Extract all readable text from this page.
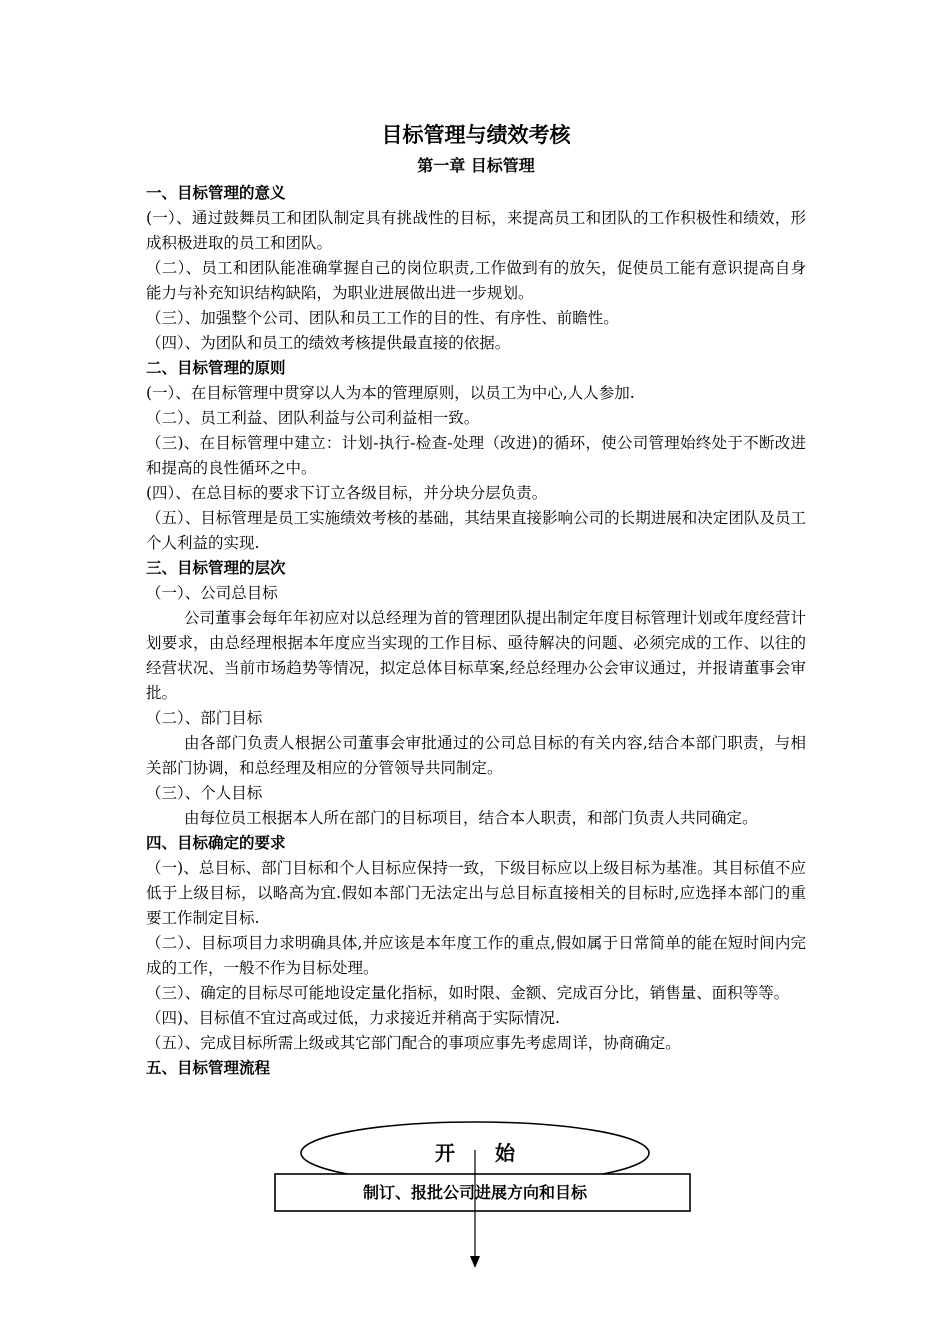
目标管理与绩效考核
第一章 目标管理
一、目标管理的意义
(一）、通过鼓舞员工和团队制定具有挑战性的目标，来提高员工和团队的工作积极性和绩效，形成积极进取的员工和团队。
（二）、员工和团队能准确掌握自己的岗位职责,工作做到有的放矢，促使员工能有意识提高自身能力与补充知识结构缺陷，为职业进展做出进一步规划。
（三）、加强整个公司、团队和员工工作的目的性、有序性、前瞻性。
（四）、为团队和员工的绩效考核提供最直接的依据。
二、目标管理的原则
(一）、在目标管理中贯穿以人为本的管理原则，以员工为中心,人人参加.
（二）、员工利益、团队利益与公司利益相一致。
（三)、在目标管理中建立：计划-执行-检查-处理（改进)的循环，使公司管理始终处于不断改进和提高的良性循环之中。
(四）、在总目标的要求下订立各级目标，并分块分层负责。
（五）、目标管理是员工实施绩效考核的基础，其结果直接影响公司的长期进展和决定团队及员工个人利益的实现.
三、目标管理的层次
（一）、公司总目标
公司董事会每年年初应对以总经理为首的管理团队提出制定年度目标管理计划或年度经营计划要求，由总经理根据本年度应当实现的工作目标、亟待解决的问题、必须完成的工作、以往的经营状况、当前市场趋势等情况，拟定总体目标草案,经总经理办公会审议通过，并报请董事会审批。
（二）、部门目标
由各部门负责人根据公司董事会审批通过的公司总目标的有关内容,结合本部门职责，与相关部门协调，和总经理及相应的分管领导共同制定。
（三）、个人目标
由每位员工根据本人所在部门的目标项目，结合本人职责，和部门负责人共同确定。
四、目标确定的要求
（一)、总目标、部门目标和个人目标应保持一致，下级目标应以上级目标为基准。其目标值不应低于上级目标，以略高为宜.假如本部门无法定出与总目标直接相关的目标时,应选择本部门的重要工作制定目标.
（二）、目标项目力求明确具体,并应该是本年度工作的重点,假如属于日常简单的能在短时间内完成的工作，一般不作为目标处理。
（三）、确定的目标尽可能地设定量化指标，如时限、金额、完成百分比，销售量、面积等等。
（四)、目标值不宜过高或过低，力求接近并稍高于实际情况.
（五）、完成目标所需上级或其它部门配合的事项应事先考虑周详，协商确定。
五、目标管理流程
开　　始
制订、报批公司进展方向和目标
